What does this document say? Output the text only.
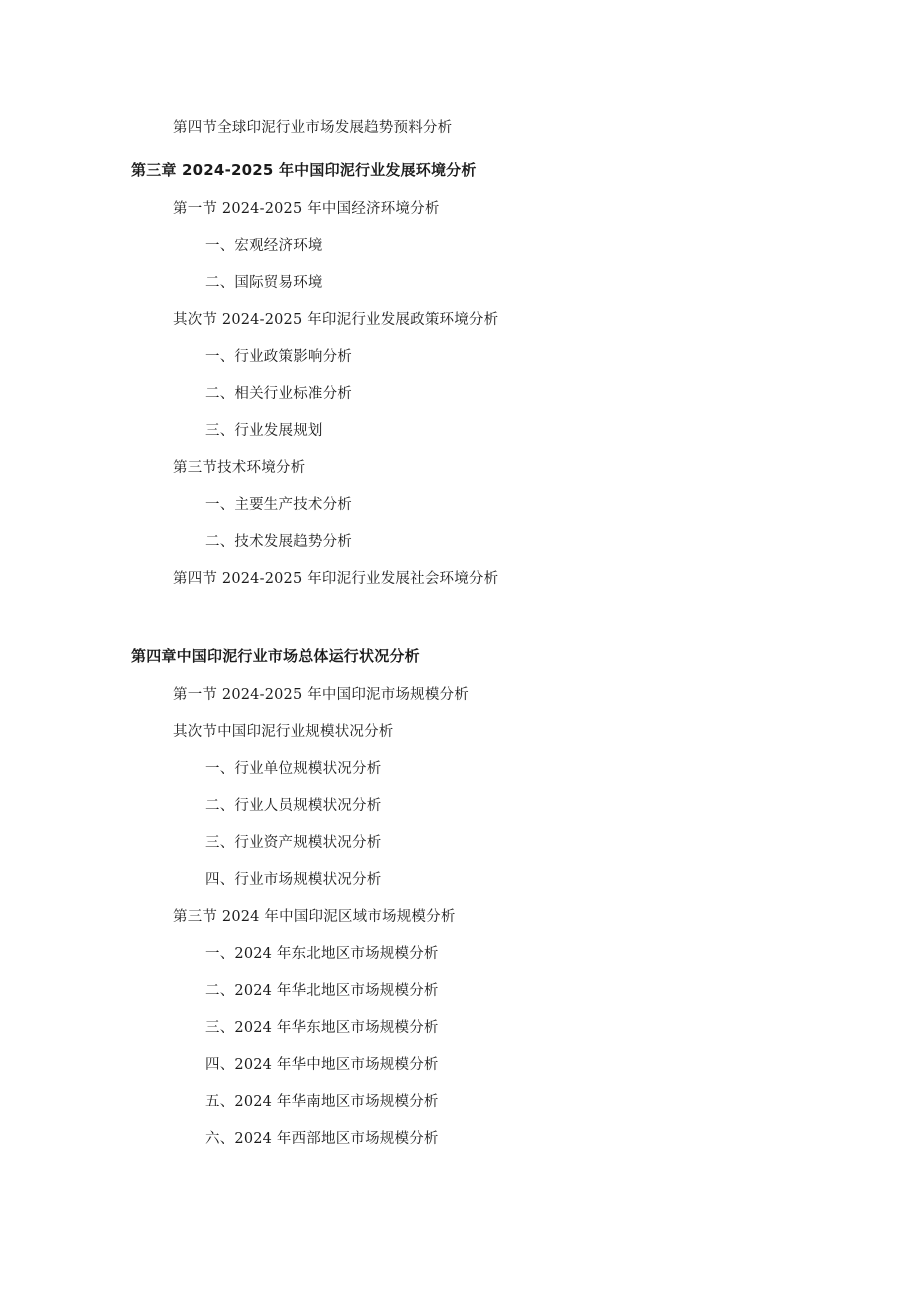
第四节全球印泥行业市场发展趋势预料分析
第三章 2024-2025 年中国印泥行业发展环境分析
第一节 2024-2025 年中国经济环境分析
一、宏观经济环境
二、国际贸易环境
其次节 2024-2025 年印泥行业发展政策环境分析
一、行业政策影响分析
二、相关行业标准分析
三、行业发展规划
第三节技术环境分析
一、主要生产技术分析
二、技术发展趋势分析
第四节 2024-2025 年印泥行业发展社会环境分析
第四章中国印泥行业市场总体运行状况分析
第一节 2024-2025 年中国印泥市场规模分析
其次节中国印泥行业规模状况分析
一、行业单位规模状况分析
二、行业人员规模状况分析
三、行业资产规模状况分析
四、行业市场规模状况分析
第三节 2024 年中国印泥区域市场规模分析
一、2024 年东北地区市场规模分析
二、2024 年华北地区市场规模分析
三、2024 年华东地区市场规模分析
四、2024 年华中地区市场规模分析
五、2024 年华南地区市场规模分析
六、2024 年西部地区市场规模分析
